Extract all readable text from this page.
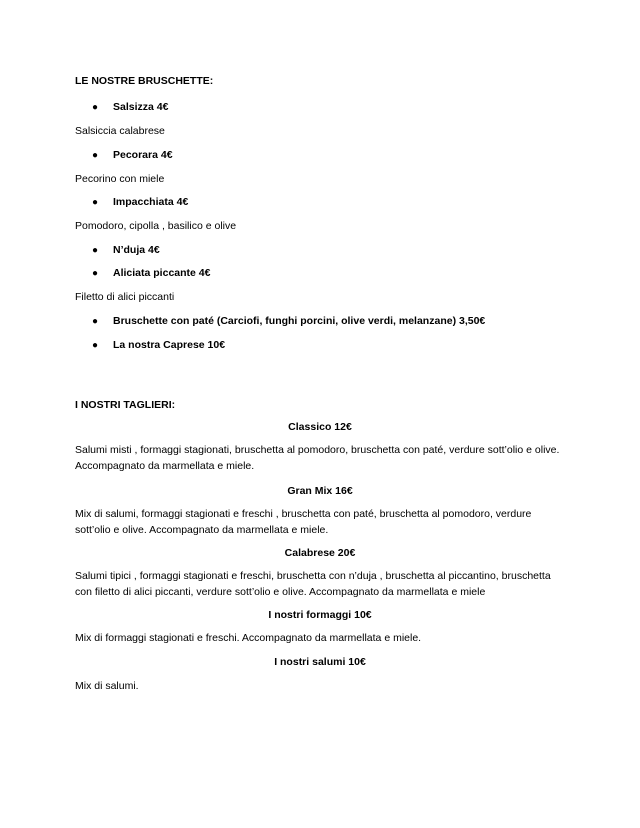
LE NOSTRE BRUSCHETTE:
● Salsizza 4€
Salsiccia calabrese
● Pecorara 4€
Pecorino con miele
● Impacchiata 4€
Pomodoro, cipolla , basilico e olive
● N’duja 4€
● Aliciata piccante 4€
Filetto di alici piccanti
● Bruschette con paté (Carciofi, funghi porcini, olive verdi, melanzane) 3,50€
● La nostra Caprese 10€
I NOSTRI TAGLIERI:
Classico 12€
Salumi misti , formaggi stagionati, bruschetta al pomodoro, bruschetta con paté, verdure sott’olio e olive. Accompagnato da marmellata e miele.
Gran Mix 16€
Mix di salumi, formaggi stagionati e freschi , bruschetta con paté, bruschetta al pomodoro, verdure sott’olio e olive. Accompagnato da marmellata e miele.
Calabrese 20€
Salumi tipici , formaggi stagionati e freschi, bruschetta con n’duja , bruschetta al piccantino, bruschetta con filetto di alici piccanti, verdure sott’olio e olive. Accompagnato da marmellata e miele
I nostri formaggi 10€
Mix di formaggi stagionati e freschi. Accompagnato da marmellata e miele.
I nostri salumi 10€
Mix di salumi.
